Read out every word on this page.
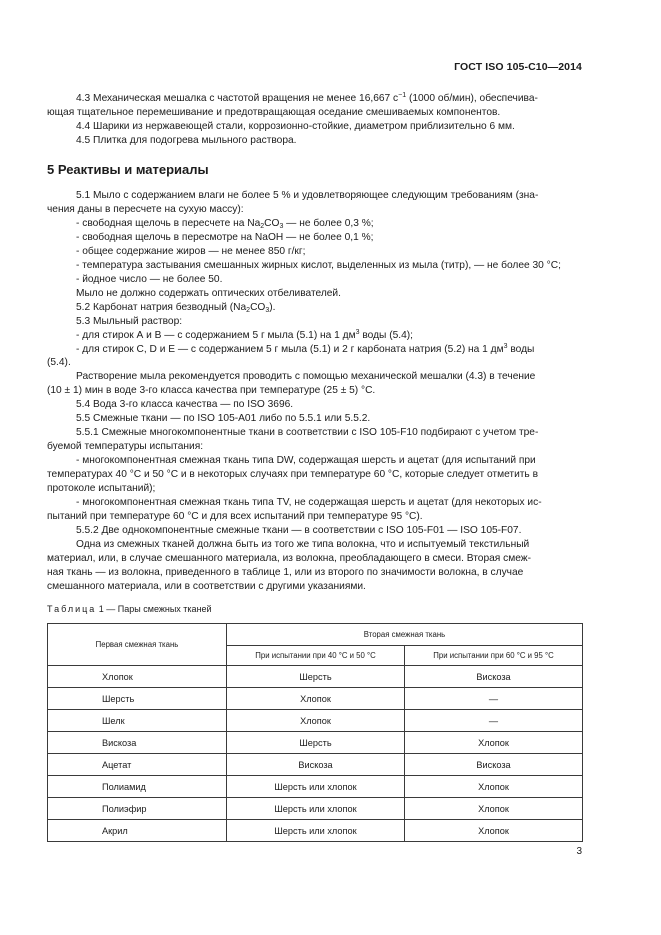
ГОСТ ISO 105-C10—2014
4.3 Механическая мешалка с частотой вращения не менее 16,667 $с^{-1}$ (1000 об/мин), обеспечива-
ющая тщательное перемешивание и предотвращающая оседание смешиваемых компонентов.
4.4 Шарики из нержавеющей стали, коррозионно-стойкие, диаметром приблизительно 6 мм.
4.5 Плитка для подогрева мыльного раствора.
5 Реактивы и материалы
5.1 Мыло с содержанием влаги не более 5 % и удовлетворяющее следующим требованиям (зна-
чения даны в пересчете на сухую массу):
- свободная щелочь в пересчете на $Na_2CO_3$ — не более 0,3 %;
- свободная щелочь в пересмотре на NaOH — не более 0,1 %;
- общее содержание жиров — не менее 850 г/кг;
- температура застывания смешанных жирных кислот, выделенных из мыла (титр), — не более 30 °С;
- йодное число — не более 50.
Мыло не должно содержать оптических отбеливателей.
5.2 Карбонат натрия безводный $(Na_2CO_3)$.
5.3 Мыльный раствор:
- для стирок А и В — с содержанием 5 г мыла (5.1) на 1 $дм^3$ воды (5.4);
- для стирок С, D и Е — с содержанием 5 г мыла (5.1) и 2 г карбоната натрия (5.2) на 1 $дм^3$ воды
(5.4).
Растворение мыла рекомендуется проводить с помощью механической мешалки (4.3) в течение
(10 ± 1) мин в воде 3-го класса качества при температуре (25 ± 5) °С.
5.4 Вода 3-го класса качества — по ISO 3696.
5.5 Смежные ткани — по ISO 105-A01 либо по 5.5.1 или 5.5.2.
5.5.1 Смежные многокомпонентные ткани в соответствии с ISO 105-F10 подбирают с учетом тре-
буемой температуры испытания:
- многокомпонентная смежная ткань типа DW, содержащая шерсть и ацетат (для испытаний при
температурах 40 °С и 50 °С и в некоторых случаях при температуре 60 °С, которые следует отметить в
протоколе испытаний);
- многокомпонентная смежная ткань типа TV, не содержащая шерсть и ацетат (для некоторых ис-
пытаний при температуре 60 °С и для всех испытаний при температуре 95 °С).
5.5.2 Две однокомпонентные смежные ткани — в соответствии с ISO 105-F01 — ISO 105-F07.
Одна из смежных тканей должна быть из того же типа волокна, что и испытуемый текстильный
материал, или, в случае смешанного материала, из волокна, преобладающего в смеси. Вторая смеж-
ная ткань — из волокна, приведенного в таблице 1, или из второго по значимости волокна, в случае
смешанного материала, или в соответствии с другими указаниями.
Таблица 1 — Пары смежных тканей
Первая смежная ткань	Вторая смежная ткань	
	При испытании при 40 °С и 50 °С	При испытании при 60 °С и 95 °С
Хлопок	Шерсть	Вискоза
Шерсть	Хлопок	—
Шелк	Хлопок	—
Вискоза	Шерсть	Хлопок
Ацетат	Вискоза	Вискоза
Полиамид	Шерсть или хлопок	Хлопок
Полиэфир	Шерсть или хлопок	Хлопок
Акрил	Шерсть или хлопок	Хлопок
3
